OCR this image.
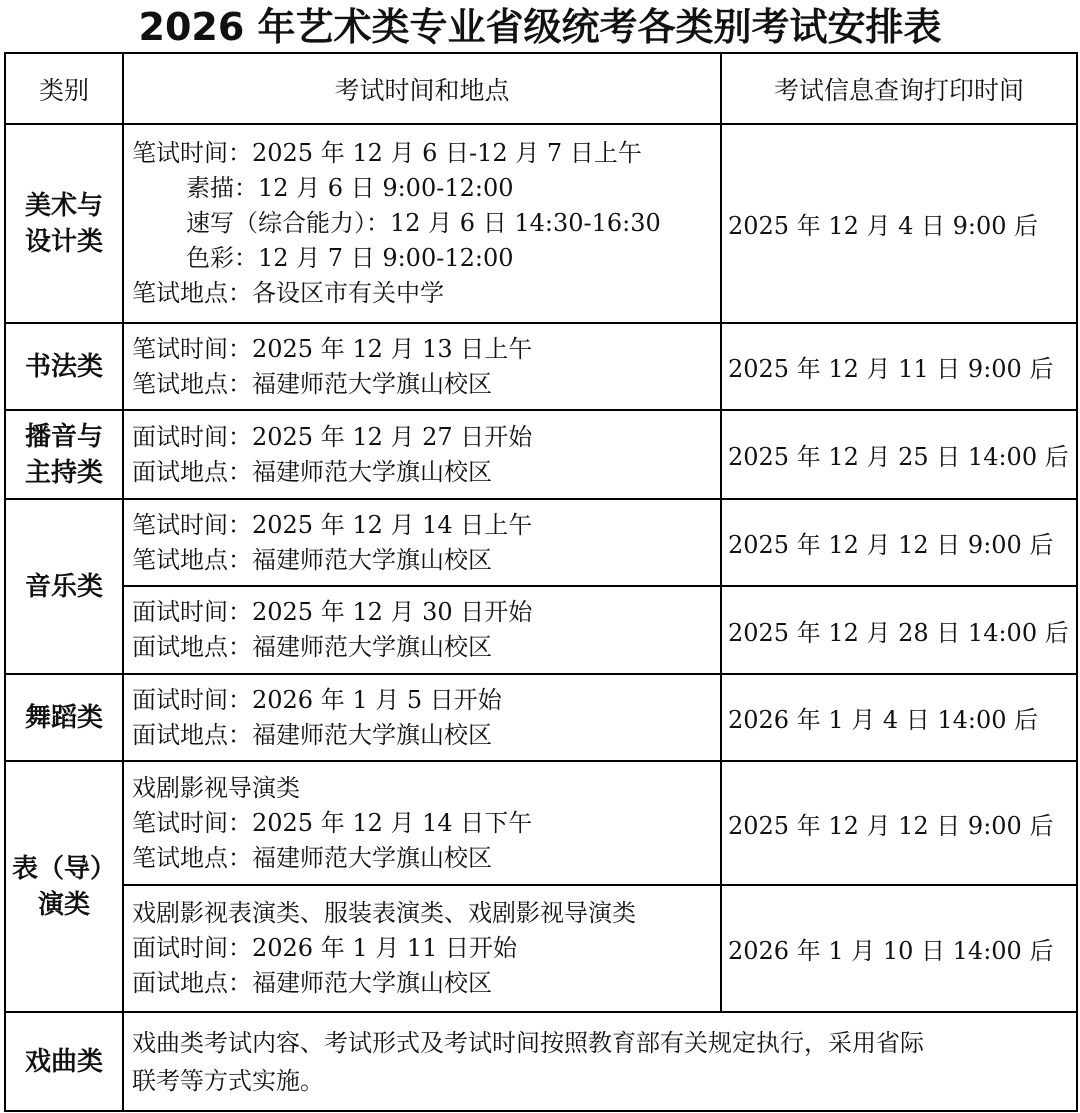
2026 年艺术类专业省级统考各类别考试安排表
类别	考试时间和地点	考试信息查询打印时间

美术与
设计类	笔试时间：2025 年 12 月 6 日-12 月 7 日上午
素描：12 月 6 日 9:00-12:00
速写（综合能力）：12 月 6 日 14:30-16:30
色彩：12 月 7 日 9:00-12:00
笔试地点：各设区市有关中学	2025 年 12 月 4 日 9:00 后

书法类	笔试时间：2025 年 12 月 13 日上午
笔试地点：福建师范大学旗山校区	2025 年 12 月 11 日 9:00 后

播音与
主持类	面试时间：2025 年 12 月 27 日开始
面试地点：福建师范大学旗山校区	2025 年 12 月 25 日 14:00 后

音乐类	笔试时间：2025 年 12 月 14 日上午
笔试地点：福建师范大学旗山校区	2025 年 12 月 12 日 9:00 后

	面试时间：2025 年 12 月 30 日开始
面试地点：福建师范大学旗山校区	2025 年 12 月 28 日 14:00 后

舞蹈类	面试时间：2026 年 1 月 5 日开始
面试地点：福建师范大学旗山校区	2026 年 1 月 4 日 14:00 后

表（导）
演类	戏剧影视导演类
笔试时间：2025 年 12 月 14 日下午
笔试地点：福建师范大学旗山校区	2025 年 12 月 12 日 9:00 后

	戏剧影视表演类、服装表演类、戏剧影视导演类
面试时间：2026 年 1 月 11 日开始
面试地点：福建师范大学旗山校区	2026 年 1 月 10 日 14:00 后

戏曲类	戏曲类考试内容、考试形式及考试时间按照教育部有关规定执行，采用省际
联考等方式实施。	
